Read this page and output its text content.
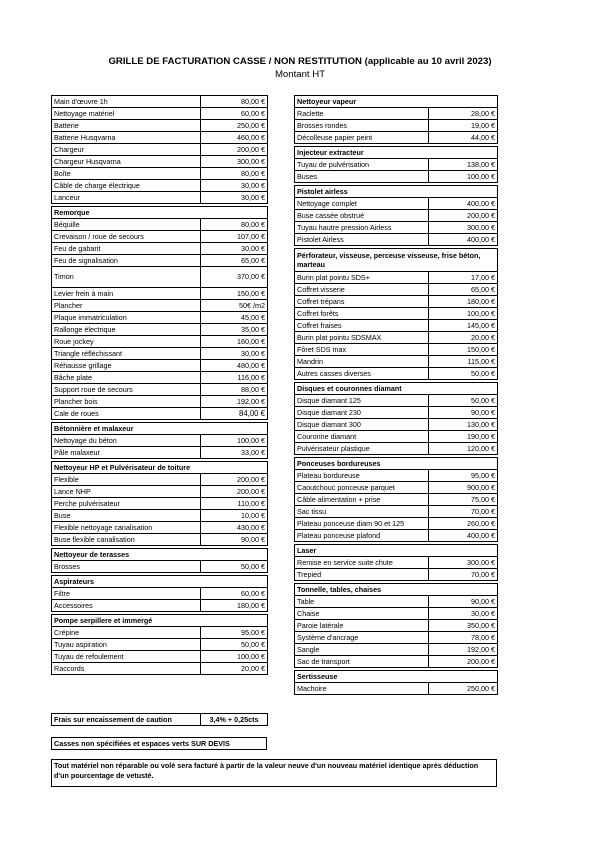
GRILLE DE FACTURATION CASSE / NON RESTITUTION (applicable au 10 avril 2023)
Montant HT
Main d'œuvre 1h	80,00 €
Nettoyage matériel	60,00 €
Batterie	250,00 €
Batterie Husqvarna	460,00 €
Chargeur	200,00 €
Chargeur Husqvarna	300,00 €
Boîte	80,00 €
Câble de charge électrique	30,00 €
Lanceur	30,00 €

Remorque	
Béquille	80,00 €
Crevaison / roue de secours	107,00 €
Feu de gabarit	30,00 €
Feu de signalisation	65,00 €
Timon	370,00 €
Levier frein à main	150,00 €
Plancher	50€ /m2
Plaque immatriculation	45,00 €
Rallonge électrique	35,00 €
Roue jockey	160,00 €
Triangle réfléchissant	30,00 €
Réhausse grillage	480,00 €
Bâche plate	116,00 €
Support roue de secours	88,00 €
Plancher bois	192,00 €
Cale de roues	84,00 €

Bétonnière et malaxeur	
Nettoyage du béton	100,00 €
Pâle malaxeur	33,00 €

Nettoyeur HP et Pulvérisateur de toiture	
Flexible	200,00 €
Lance NHP	200,00 €
Perche pulvérisateur	110,00 €
Buse	10,00 €
Flexible nettoyage canalisation	430,00 €
Buse flexible canalisation	90,00 €

Nettoyeur de terasses	
Brosses	50,00 €

Aspirateurs	
Filtre	60,00 €
Accessoires	180,00 €

Pompe serpillere et immergé	
Crépine	95,00 €
Tuyau aspiration	50,00 €
Tuyau de refoulement	100,00 €
Raccords	20,00 €
Nettoyeur vapeur	
Raclette	28,00 €
Brosses rondes	19,00 €
Décolleuse papier peint	44,00 €

Injecteur extracteur	
Tuyau de pulvérisation	138,00 €
Buses	100,00 €

Pistolet airless	
Nettoyage complet	400,00 €
Buse cassée obstrué	200,00 €
Tuyau hautre pression Airless	300,00 €
Pistolet Airless	400,00 €

Pérforateur, visseuse, perceuse visseuse, frise béton, marteau	
Burin plat pointu SDS+	17,00 €
Coffret visserie	65,00 €
Coffret trépans	180,00 €
Coffret forêts	100,00 €
Coffret fraises	145,00 €
Burin plat pointu SDSMAX	20,00 €
Fôret SDS max	150,00 €
Mandrin	115,00 €
Autres casses diverses	50,00 €

Disques et couronnes diamant	
Disque diamant 125	50,00 €
Disque diamant 230	90,00 €
Disque diamant 300	130,00 €
Couronne diamant	190,00 €
Pulvérisateur plastique	120,00 €

Ponceuses bordureuses	
Plateau bordureuse	95,00 €
Caoutchouc ponceuse parquet	900,00 €
Câble alimentation + prise	75,00 €
Sac tissu	70,00 €
Plateau ponceuse diam 90 et 125	260,00 €
Plateau ponceuse plafond	400,00 €

Laser	
Remise en service suite chute	300,00 €
Trepied	70,00 €

Tonnelle, tables, chaises	
Table	90,00 €
Chaise	30,00 €
Paroie latérale	350,00 €
Système d'ancrage	78,00 €
Sangle	192,00 €
Sac de transport	200,00 €

Sertisseuse	
Machoire	250,00 €
Frais sur encaissement de caution	3,4% + 0,25cts
Casses non spécifiées et espaces verts SUR DEVIS
Tout matériel non réparable ou volé sera facturé à partir de la valeur neuve d'un nouveau matériel identique après déduction d'un pourcentage de vetusté.
